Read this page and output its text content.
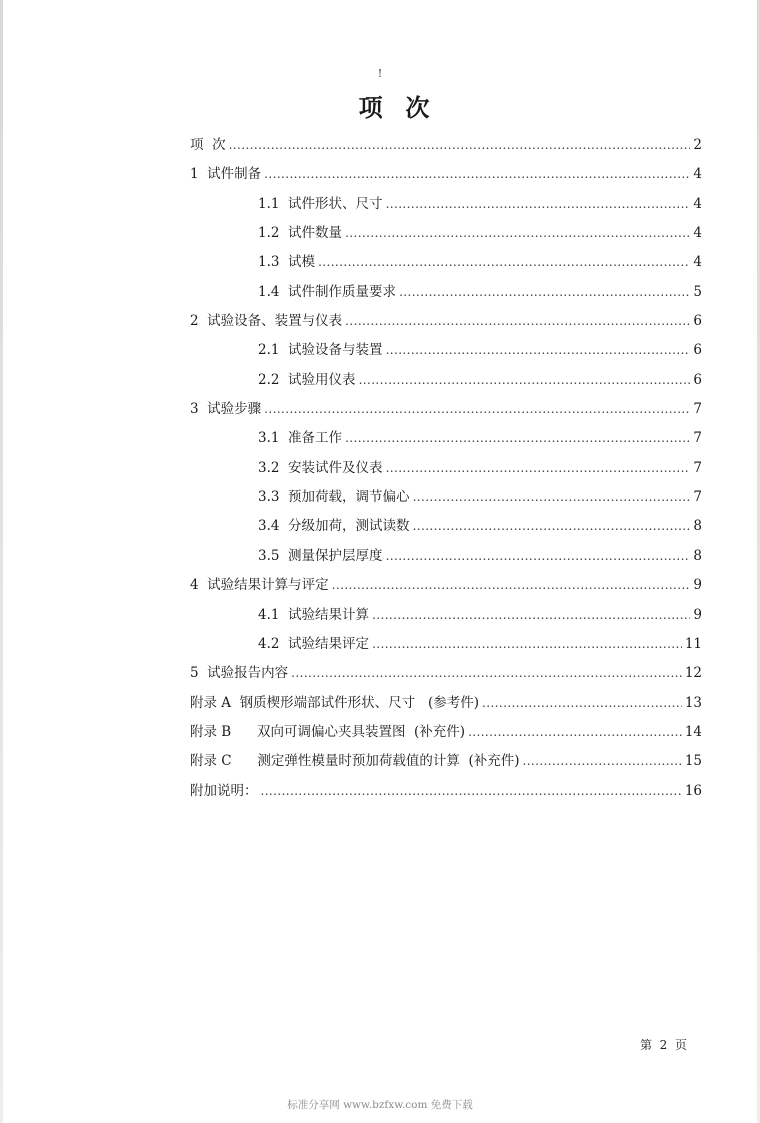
!
项  次
项  次 .....	2
1  试件制备 .....	4
1.1  试件形状、尺寸 .....	4
1.2  试件数量 .....	4
1.3  试模 .....	4
1.4  试件制作质量要求 .....	5
2  试验设备、装置与仪表 .....	6
2.1  试验设备与装置 .....	6
2.2  试验用仪表 .....	6
3  试验步骤 .....	7
3.1  准备工作 .....	7
3.2  安装试件及仪表 .....	7
3.3  预加荷载，调节偏心 .....	7
3.4  分级加荷，测试读数 .....	8
3.5  测量保护层厚度 .....	8
4  试验结果计算与评定 .....	9
4.1  试验结果计算 .....	9
4.2  试验结果评定 .....	11
5  试验报告内容 .....	12
附录 A  钢质楔形端部试件形状、尺寸   (参考件) .....	13
附录 B      双向可调偏心夹具装置图  (补充件) .....	14
附录 C      测定弹性模量时预加荷载值的计算  (补充件) .....	15
附加说明： .....	16
第  2  页
标准分享网 www.bzfxw.com 免费下载
